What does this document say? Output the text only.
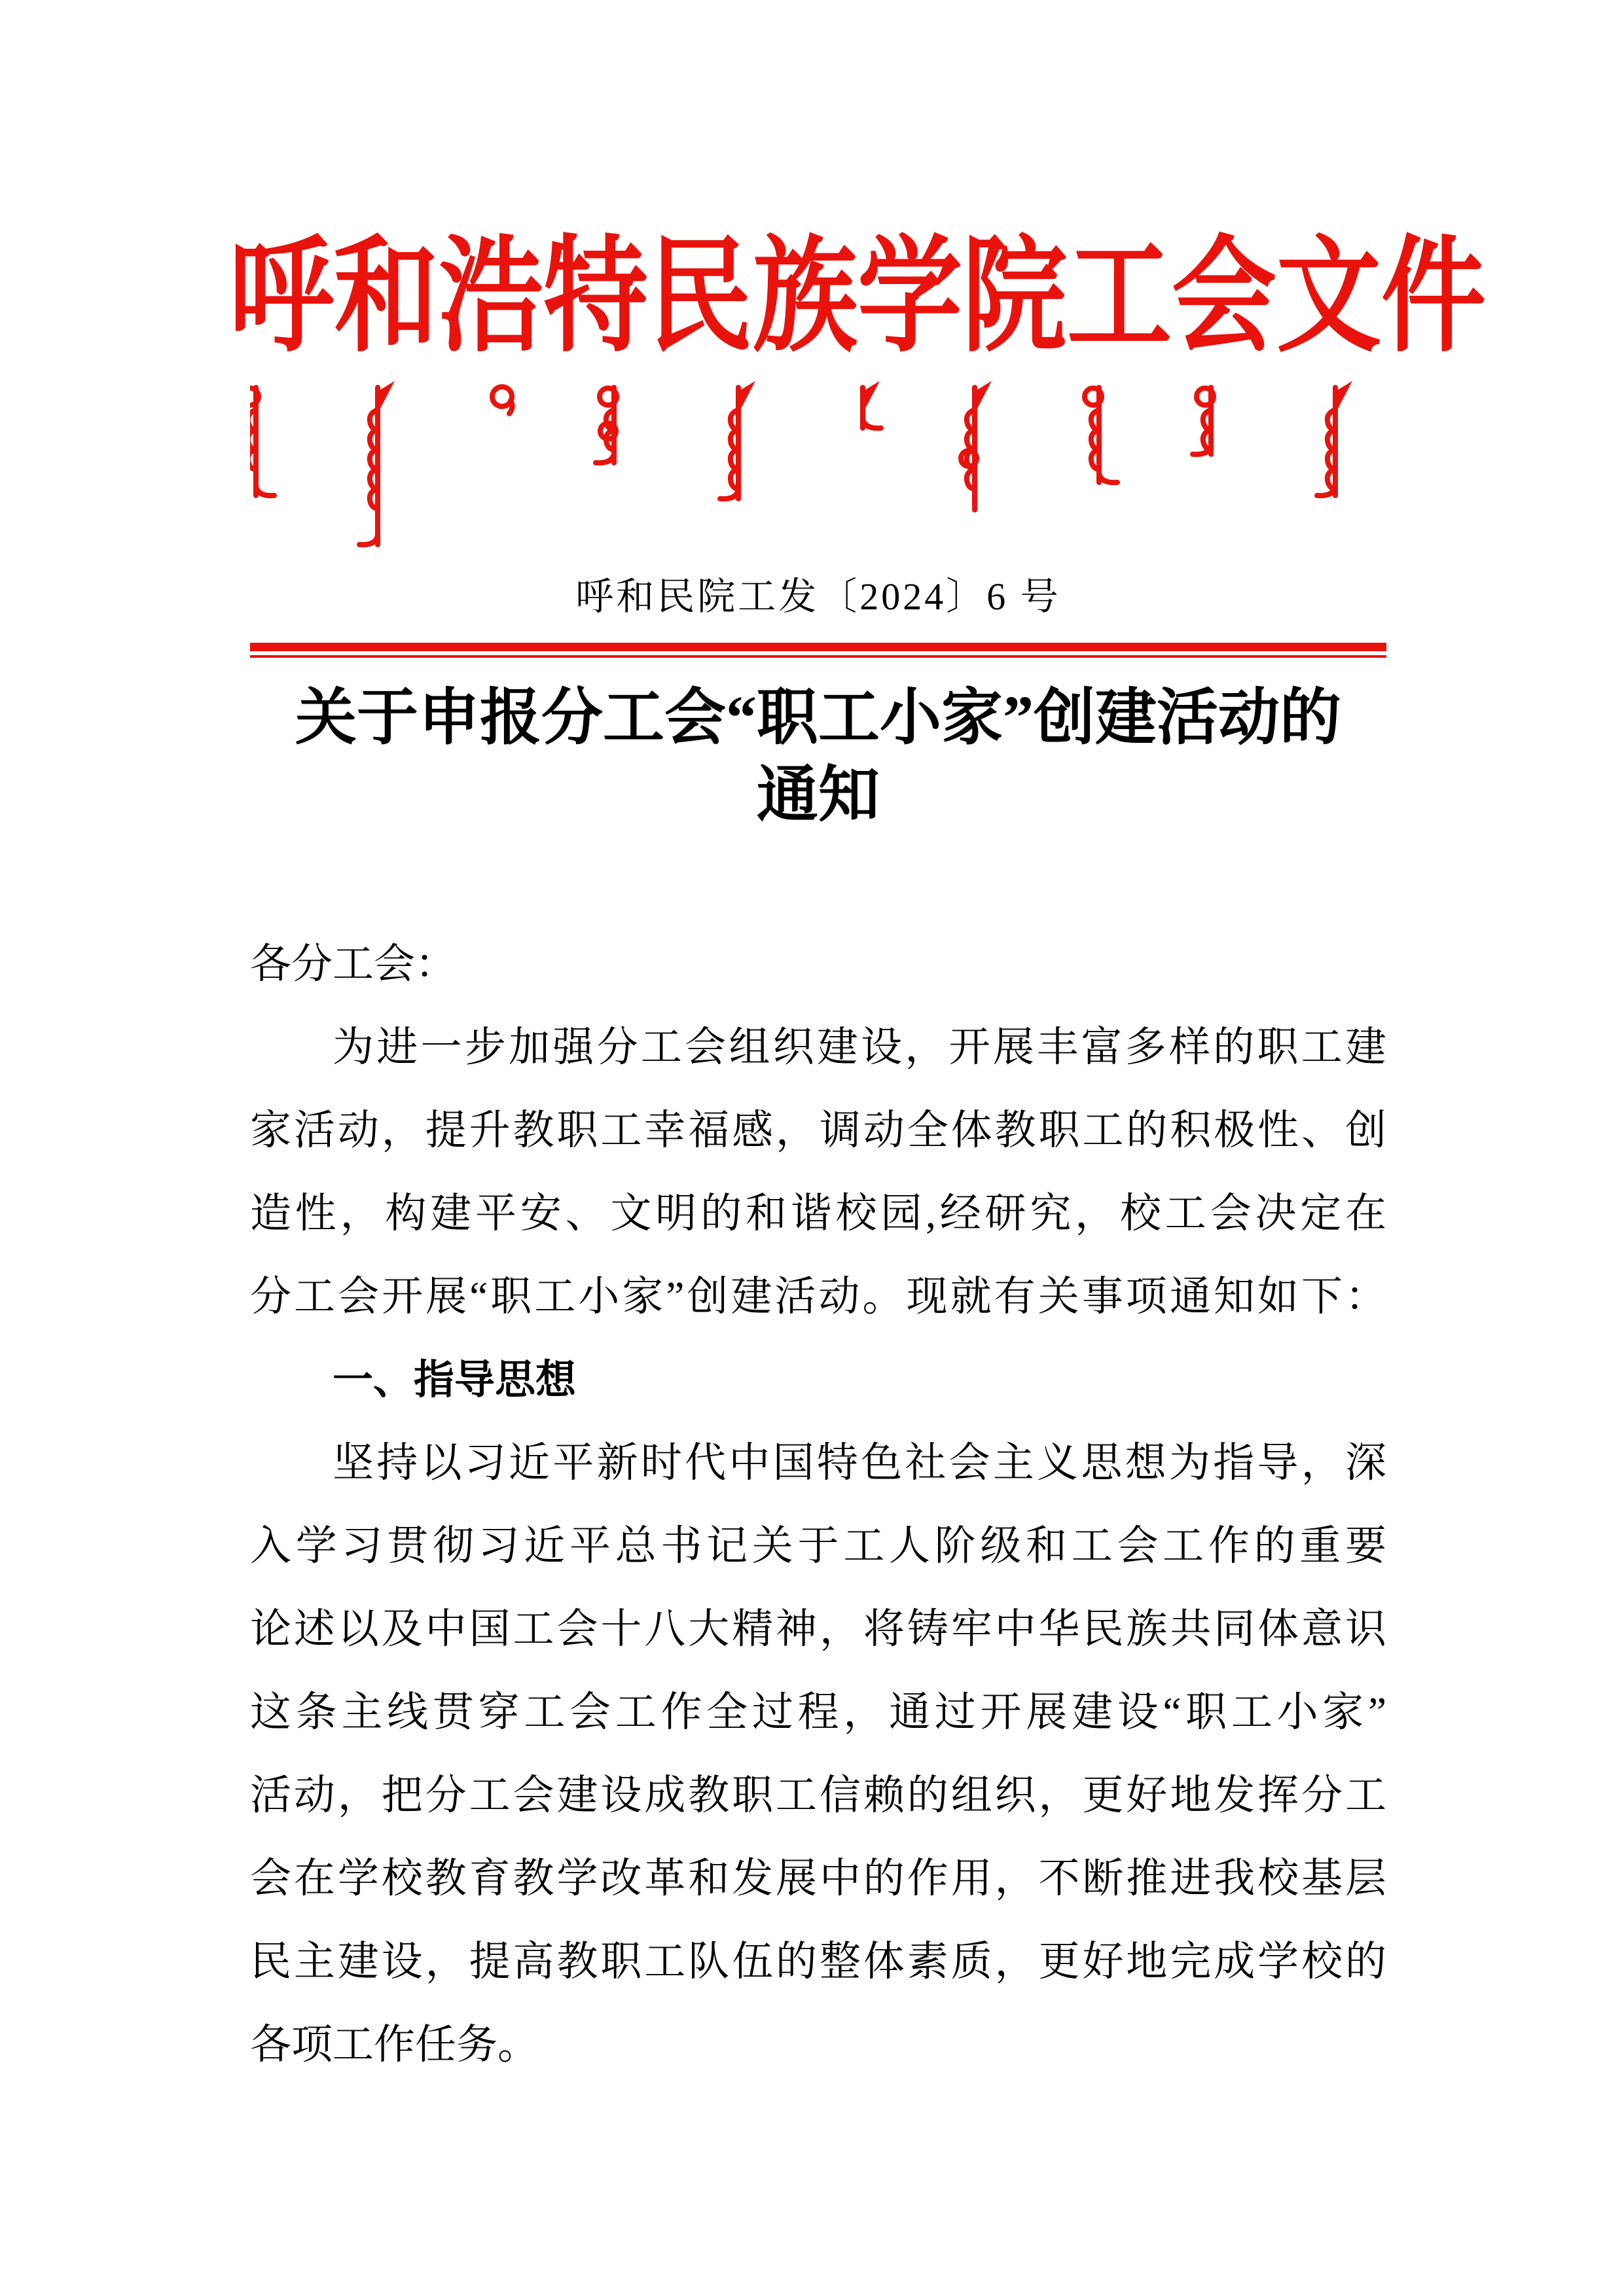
呼和浩特民族学院工会文件
呼和民院工发〔2024〕6 号
关于申报分工会“职工小家”创建活动的
通知
各分工会：
为进一步加强分工会组织建设，开展丰富多样的职工建
家活动，提升教职工幸福感，调动全体教职工的积极性、创
造性，构建平安、文明的和谐校园,经研究，校工会决定在
分工会开展“职工小家”创建活动。现就有关事项通知如下：
一、指导思想
坚持以习近平新时代中国特色社会主义思想为指导，深
入学习贯彻习近平总书记关于工人阶级和工会工作的重要
论述以及中国工会十八大精神，将铸牢中华民族共同体意识
这条主线贯穿工会工作全过程，通过开展建设“职工小家”
活动，把分工会建设成教职工信赖的组织，更好地发挥分工
会在学校教育教学改革和发展中的作用，不断推进我校基层
民主建设，提高教职工队伍的整体素质，更好地完成学校的
各项工作任务。
